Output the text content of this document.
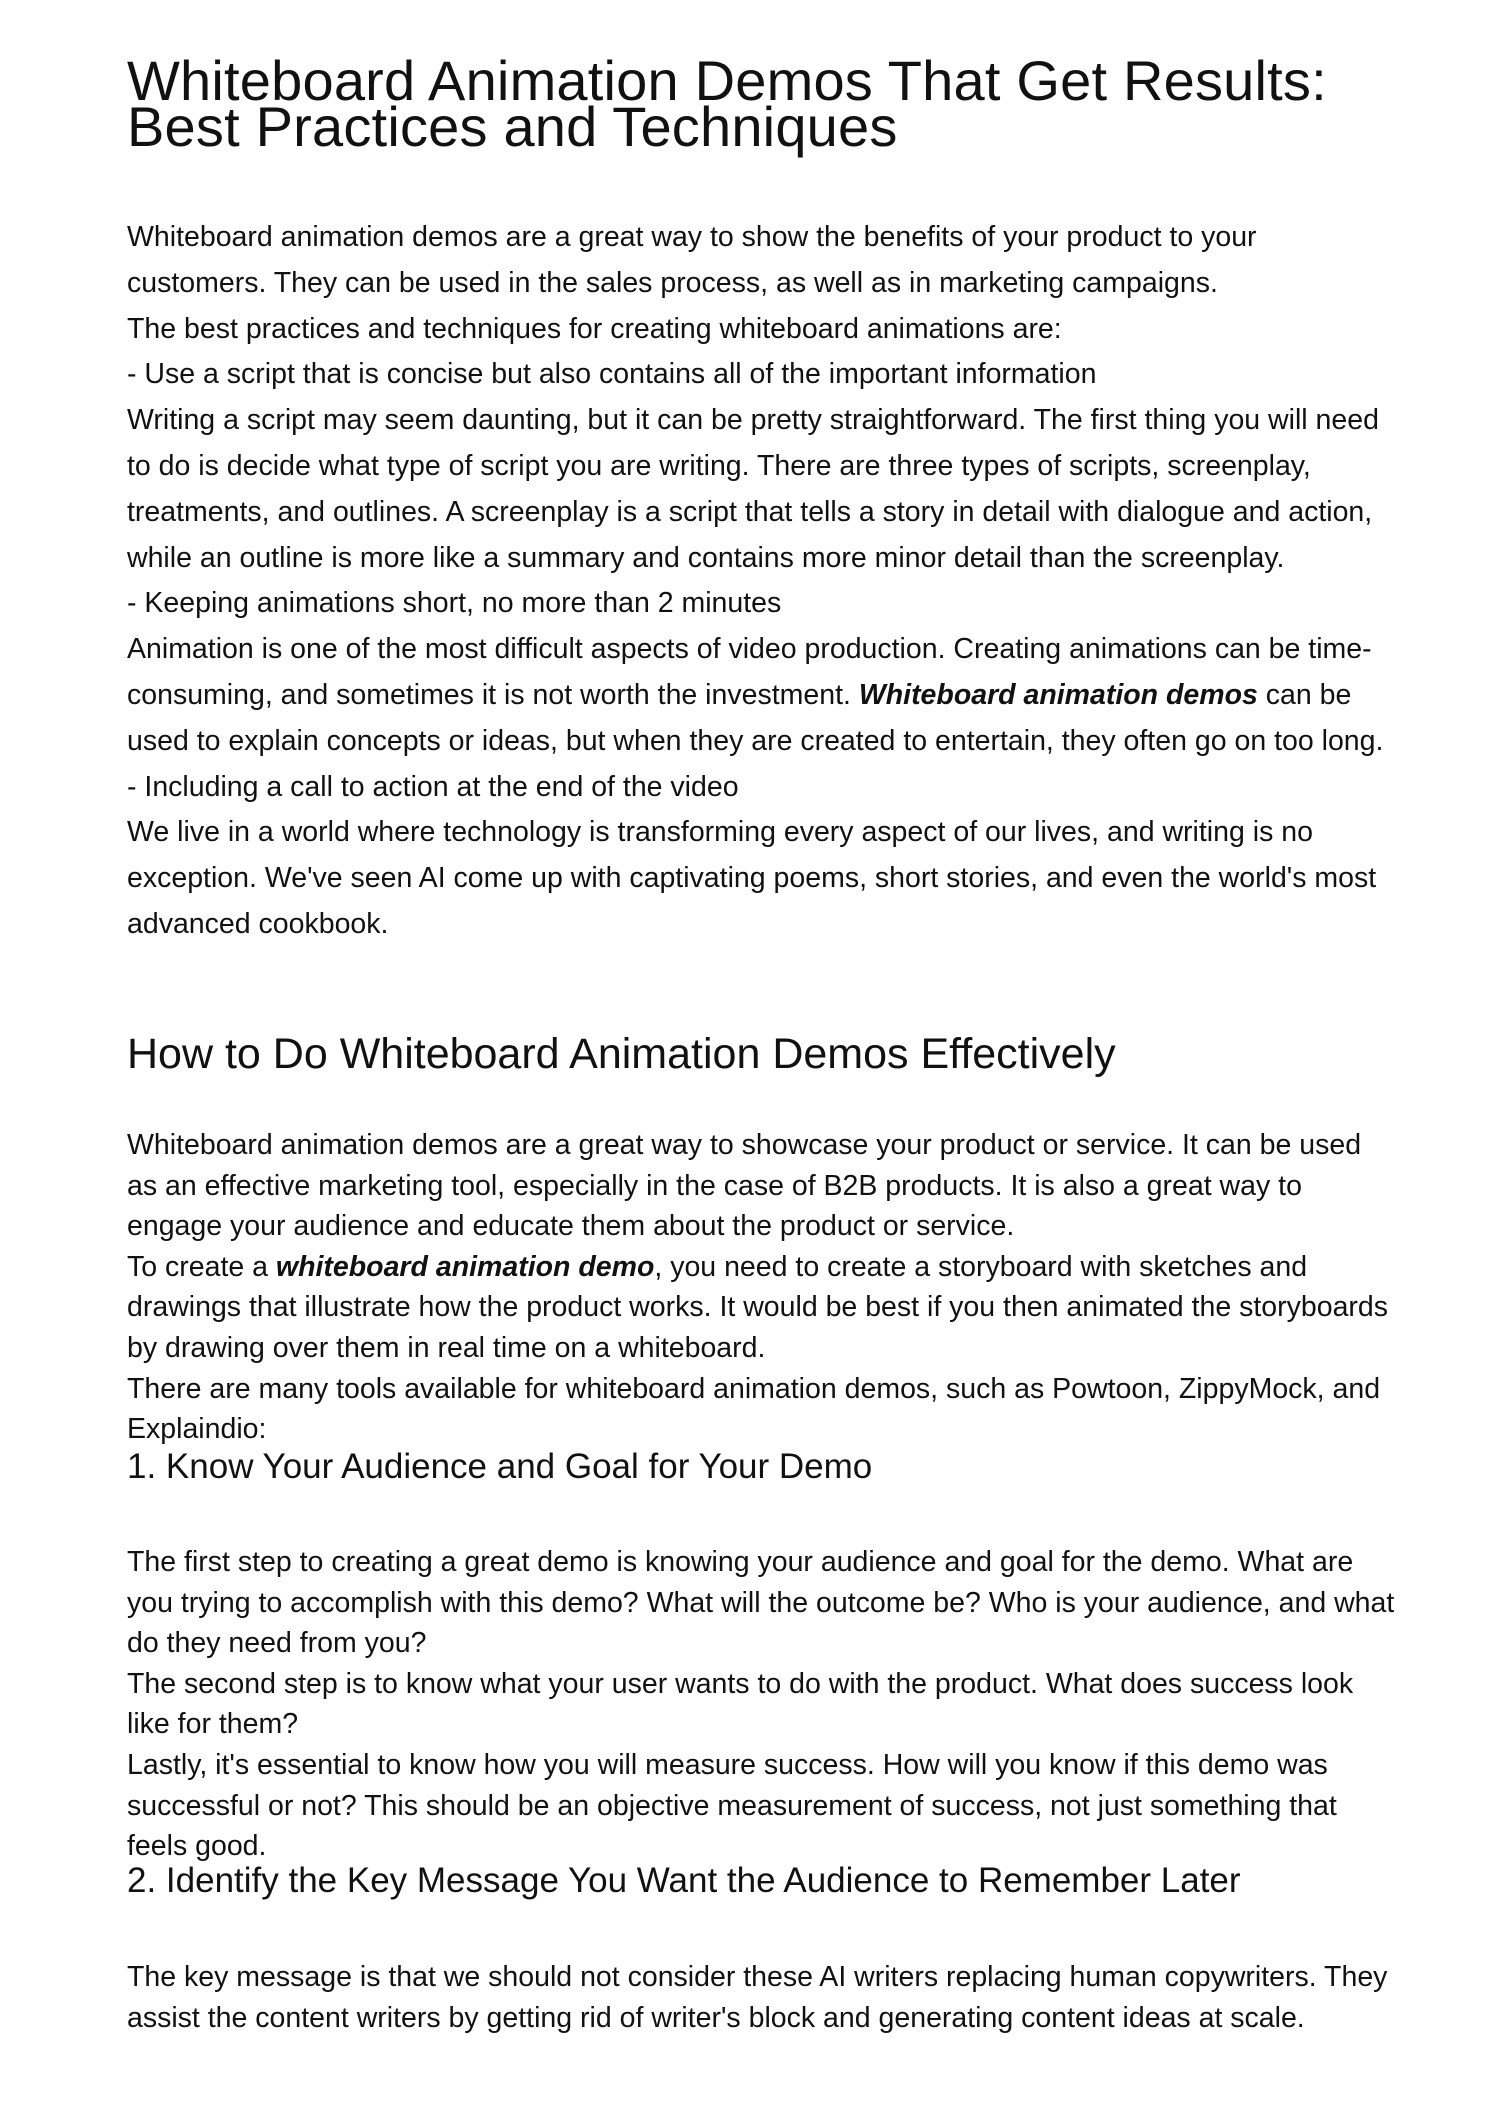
Whiteboard Animation Demos That Get Results: Best Practices and Techniques

Whiteboard animation demos are a great way to show the benefits of your product to your customers. They can be used in the sales process, as well as in marketing campaigns.

The best practices and techniques for creating whiteboard animations are:

- Use a script that is concise but also contains all of the important information

Writing a script may seem daunting, but it can be pretty straightforward. The first thing you will need to do is decide what type of script you are writing. There are three types of scripts, screenplay, treatments, and outlines. A screenplay is a script that tells a story in detail with dialogue and action, while an outline is more like a summary and contains more minor detail than the screenplay.

- Keeping animations short, no more than 2 minutes

Animation is one of the most difficult aspects of video production. Creating animations can be time-consuming, and sometimes it is not worth the investment. Whiteboard animation demos can be used to explain concepts or ideas, but when they are created to entertain, they often go on too long.

- Including a call to action at the end of the video

We live in a world where technology is transforming every aspect of our lives, and writing is no exception. We've seen AI come up with captivating poems, short stories, and even the world's most advanced cookbook.

How to Do Whiteboard Animation Demos Effectively

Whiteboard animation demos are a great way to showcase your product or service. It can be used as an effective marketing tool, especially in the case of B2B products. It is also a great way to engage your audience and educate them about the product or service.

To create a whiteboard animation demo, you need to create a storyboard with sketches and drawings that illustrate how the product works. It would be best if you then animated the storyboards by drawing over them in real time on a whiteboard.

There are many tools available for whiteboard animation demos, such as Powtoon, ZippyMock, and Explaindio:

1. Know Your Audience and Goal for Your Demo

The first step to creating a great demo is knowing your audience and goal for the demo. What are you trying to accomplish with this demo? What will the outcome be? Who is your audience, and what do they need from you?

The second step is to know what your user wants to do with the product. What does success look like for them?

Lastly, it's essential to know how you will measure success. How will you know if this demo was successful or not? This should be an objective measurement of success, not just something that feels good.

2. Identify the Key Message You Want the Audience to Remember Later

The key message is that we should not consider these AI writers replacing human copywriters. They assist the content writers by getting rid of writer's block and generating content ideas at scale.
